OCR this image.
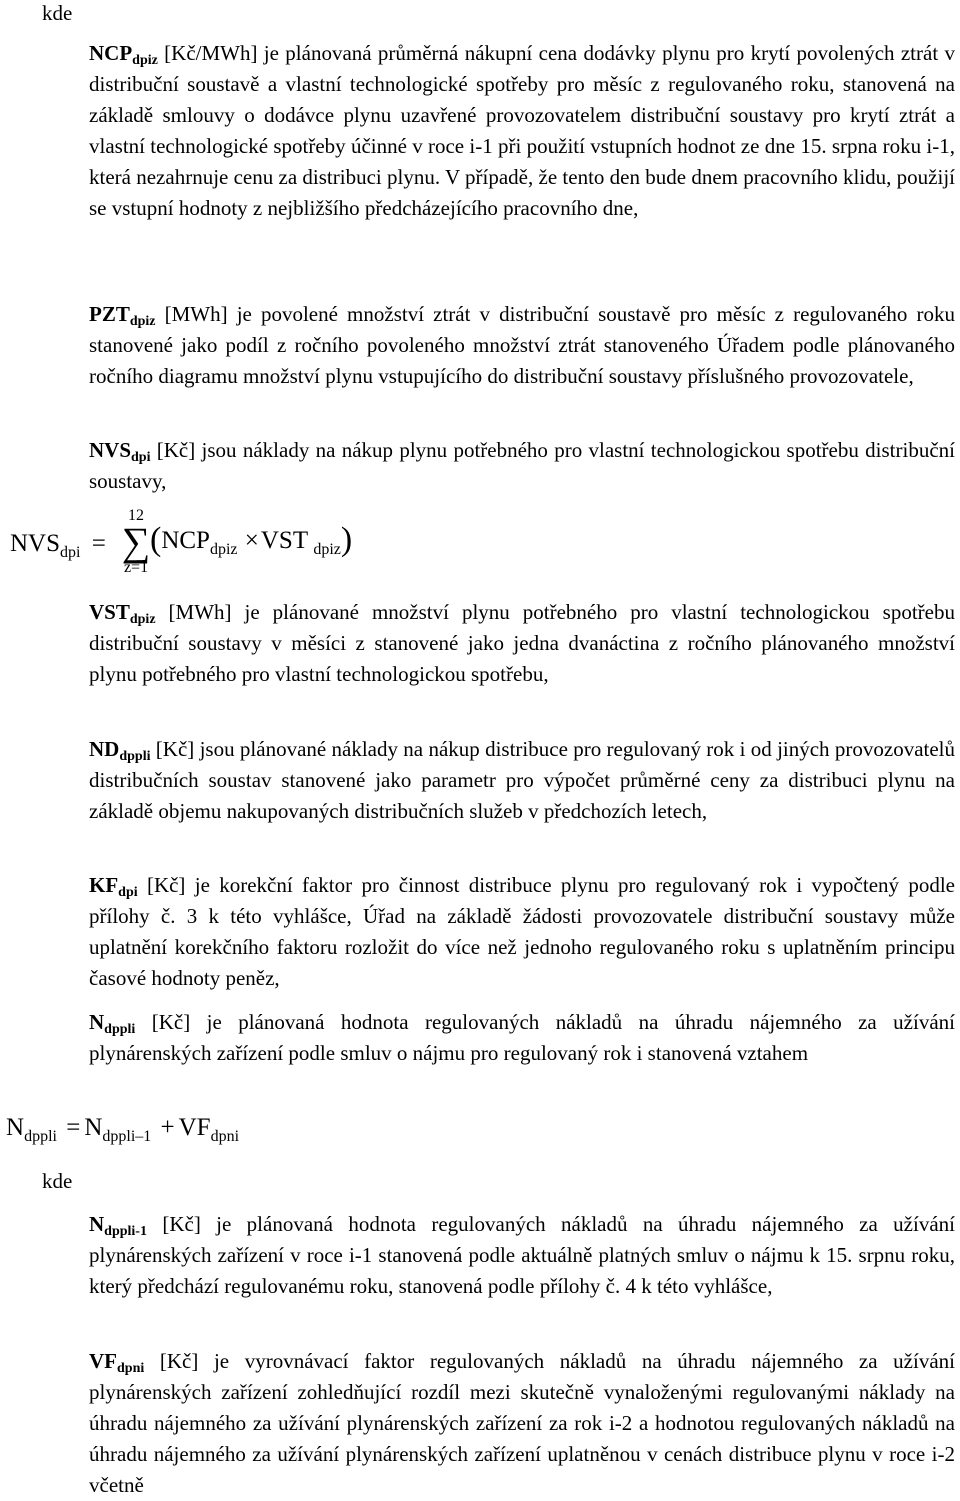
kde

$NCP_{dpiz}$ [Kč/MWh] je plánovaná průměrná nákupní cena dodávky plynu pro krytí povolených ztrát v distribuční soustavě a vlastní technologické spotřeby pro měsíc z regulovaného roku, stanovená na základě smlouvy o dodávce plynu uzavřené provozovatelem distribuční soustavy pro krytí ztrát a vlastní technologické spotřeby účinné v roce i-1 při použití vstupních hodnot ze dne 15. srpna roku i-1, která nezahrnuje cenu za distribuci plynu. V případě, že tento den bude dnem pracovního klidu, použijí se vstupní hodnoty z nejbližšího předcházejícího pracovního dne,

$PZT_{dpiz}$ [MWh] je povolené množství ztrát v distribuční soustavě pro měsíc z regulovaného roku stanovené jako podíl z ročního povoleného množství ztrát stanoveného Úřadem podle plánovaného ročního diagramu množství plynu vstupujícího do distribuční soustavy příslušného provozovatele,

$NVS_{dpi}$ [Kč] jsou náklady na nákup plynu potřebného pro vlastní technologickou spotřebu distribuční soustavy,

$NVS_{dpi}$ =
12
∑
z=1
($NCP_{dpiz} \times VST$ $_{dpiz}$)

$VST_{dpiz}$ [MWh] je plánované množství plynu potřebného pro vlastní technologickou spotřebu distribuční soustavy v měsíci z stanovené jako jedna dvanáctina z ročního plánovaného množství plynu potřebného pro vlastní technologickou spotřebu,

$ND_{dppli}$ [Kč] jsou plánované náklady na nákup distribuce pro regulovaný rok i od jiných provozovatelů distribučních soustav stanovené jako parametr pro výpočet průměrné ceny za distribuci plynu na základě objemu nakupovaných distribučních služeb v předchozích letech,

$KF_{dpi}$ [Kč] je korekční faktor pro činnost distribuce plynu pro regulovaný rok i vypočtený podle přílohy č. 3 k této vyhlášce, Úřad na základě žádosti provozovatele distribuční soustavy může uplatnění korekčního faktoru rozložit do více než jednoho regulovaného roku s uplatněním principu časové hodnoty peněz,

$N_{dppli}$ [Kč] je plánovaná hodnota regulovaných nákladů na úhradu nájemného za užívání plynárenských zařízení podle smluv o nájmu pro regulovaný rok i stanovená vztahem

$N_{dppli} = N_{dppli-1} + VF_{dpni}$
kde

$N_{dppli-1}$ [Kč] je plánovaná hodnota regulovaných nákladů na úhradu nájemného za užívání plynárenských zařízení v roce i-1 stanovená podle aktuálně platných smluv o nájmu k 15. srpnu roku, který předchází regulovanému roku, stanovená podle přílohy č. 4 k této vyhlášce,

$VF_{dpni}$ [Kč] je vyrovnávací faktor regulovaných nákladů na úhradu nájemného za užívání plynárenských zařízení zohledňující rozdíl mezi skutečně vynaloženými regulovanými náklady na úhradu nájemného za užívání plynárenských zařízení za rok i-2 a hodnotou regulovaných nákladů na úhradu nájemného za užívání plynárenských zařízení uplatněnou v cenách distribuce plynu v roce i-2 včetně
